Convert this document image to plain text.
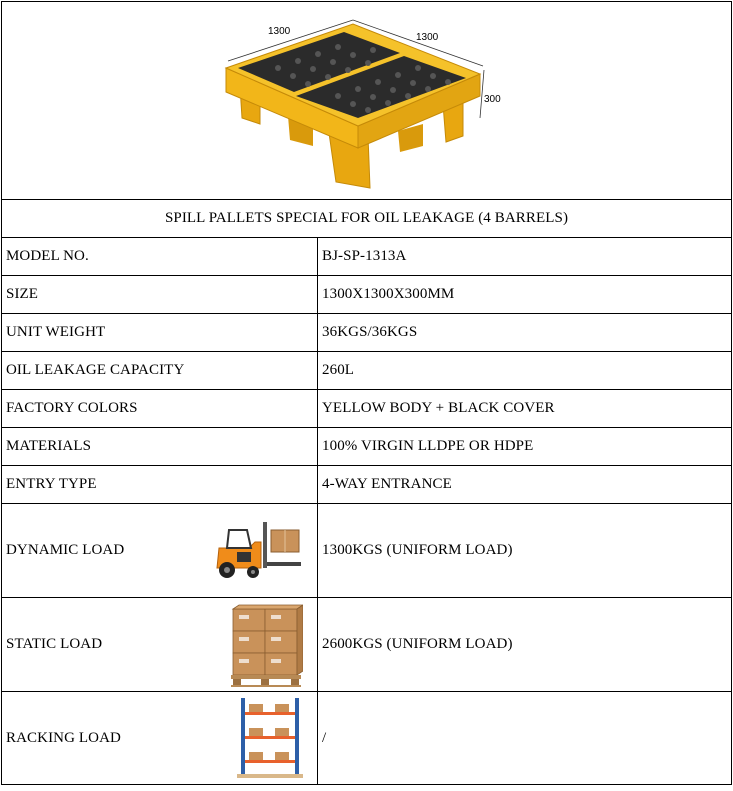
1300
1300
300
SPILL PALLETS SPECIAL FOR OIL LEAKAGE (4 BARRELS)
MODEL NO.	BJ-SP-1313A
SIZE	1300X1300X300MM
UNIT WEIGHT	36KGS/36KGS
OIL LEAKAGE CAPACITY	260L
FACTORY COLORS	YELLOW BODY + BLACK COVER
MATERIALS	100% VIRGIN LLDPE OR HDPE
ENTRY TYPE	4-WAY ENTRANCE
DYNAMIC LOAD	1300KGS (UNIFORM LOAD)
STATIC LOAD	2600KGS (UNIFORM LOAD)
RACKING LOAD	/
